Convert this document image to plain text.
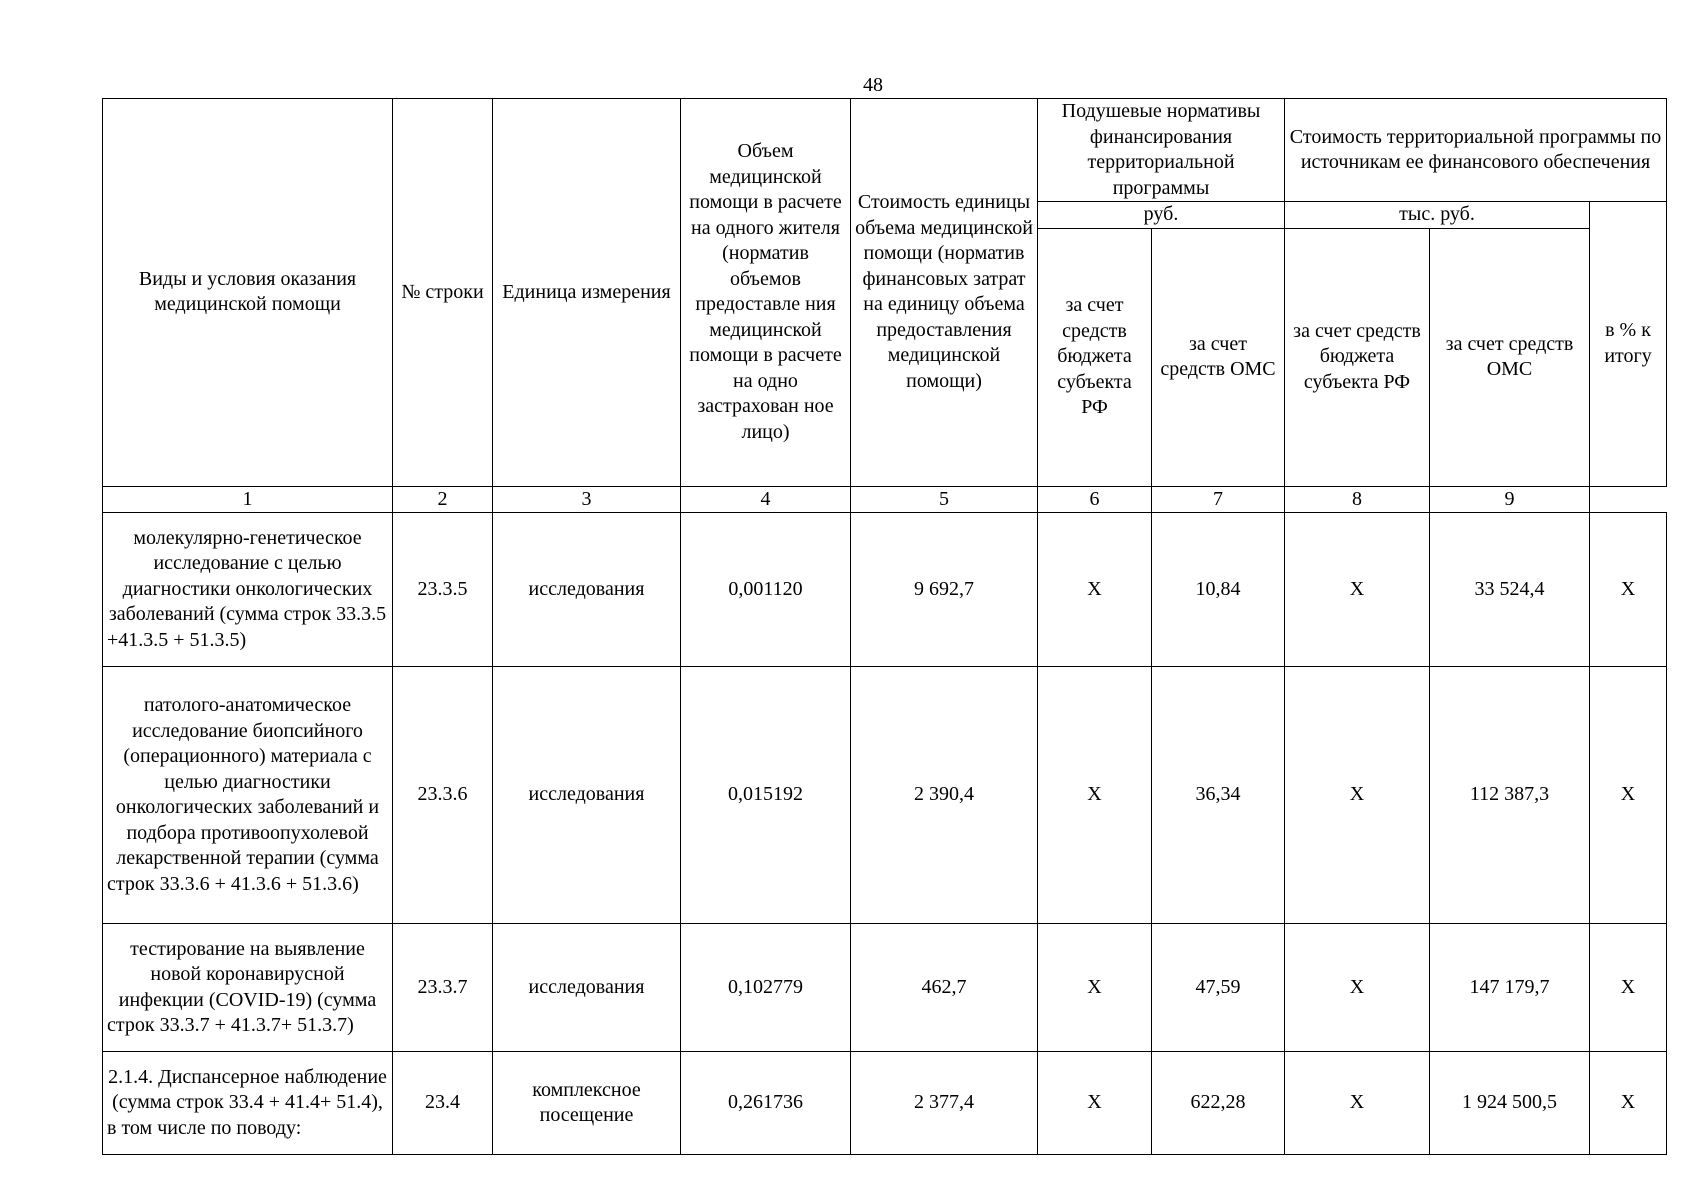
48
Виды и условия оказания медицинской помощи	№ строки	Единица измерения	Объем медицинской помощи в расчете на одного жителя (норматив объемов предоставле ния медицинской помощи в расчете на одно застрахован ное лицо)	Стоимость единицы объема медицинской помощи (норматив финансовых затрат на единицу объема предоставления медицинской помощи)	Подушевые нормативы финансирования территориальной программы		Стоимость территориальной программы по источникам ее финансового обеспечения		
					руб.		тыс. руб.		в % к итогу
					за счет средств бюджета субъекта РФ	за счет средств ОМС	за счет средств бюджета субъекта РФ	за счет средств ОМС	
1	2	3	4	5	6	7	8	9
молекулярно-генетическое исследование с целью диагностики онкологических заболеваний (сумма строк 33.3.5 +41.3.5 + 51.3.5)	23.3.5	исследования	0,001120	9 692,7	X	10,84	X	33 524,4	X
патолого-анатомическое исследование биопсийного (операционного) материала с целью диагностики онкологических заболеваний и подбора противоопухолевой лекарственной терапии (сумма строк 33.3.6 + 41.3.6 + 51.3.6)	23.3.6	исследования	0,015192	2 390,4	X	36,34	X	112 387,3	X
тестирование на выявление новой коронавирусной инфекции (COVID-19) (сумма строк 33.3.7 + 41.3.7+ 51.3.7)	23.3.7	исследования	0,102779	462,7	X	47,59	X	147 179,7	X
2.1.4. Диспансерное наблюдение (сумма строк 33.4 + 41.4+ 51.4), в том числе по поводу:	23.4	комплексное посещение	0,261736	2 377,4	X	622,28	X	1 924 500,5	X
